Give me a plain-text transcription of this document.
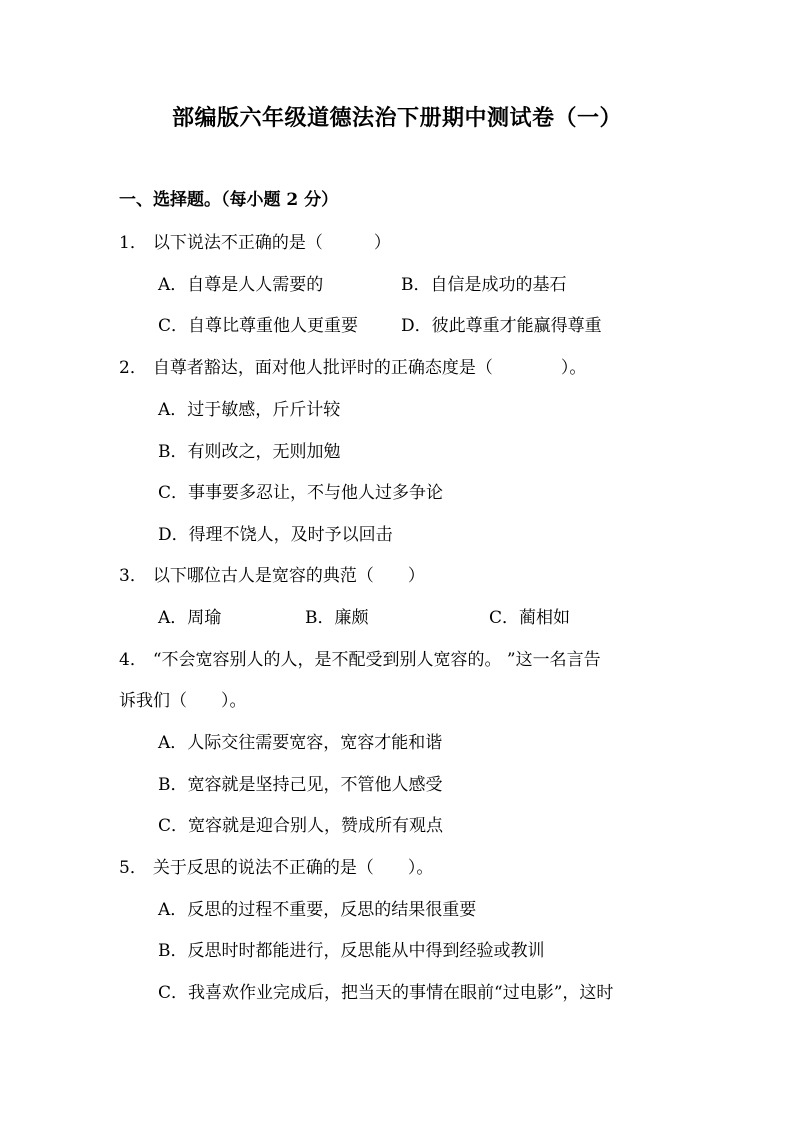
部编版六年级道德法治下册期中测试卷（一）
一、选择题。（每小题 2 分）
1． 以下说法不正确的是（　　　）
A．自尊是人人需要的	B．自信是成功的基石
C．自尊比尊重他人更重要	D．彼此尊重才能赢得尊重
2． 自尊者豁达，面对他人批评时的正确态度是（　　　　）。
A．过于敏感，斤斤计较
B．有则改之，无则加勉
C．事事要多忍让，不与他人过多争论
D．得理不饶人，及时予以回击
3． 以下哪位古人是宽容的典范（　　）
A．周瑜	B．廉颇	C．蔺相如
4． “不会宽容别人的人，是不配受到别人宽容的。 ”这一名言告
诉我们（　　）。
A．人际交往需要宽容，宽容才能和谐
B．宽容就是坚持己见，不管他人感受
C．宽容就是迎合别人，赞成所有观点
5． 关于反思的说法不正确的是（　　）。
A．反思的过程不重要，反思的结果很重要
B．反思时时都能进行，反思能从中得到经验或教训
C．我喜欢作业完成后，把当天的事情在眼前“过电影”，这时
